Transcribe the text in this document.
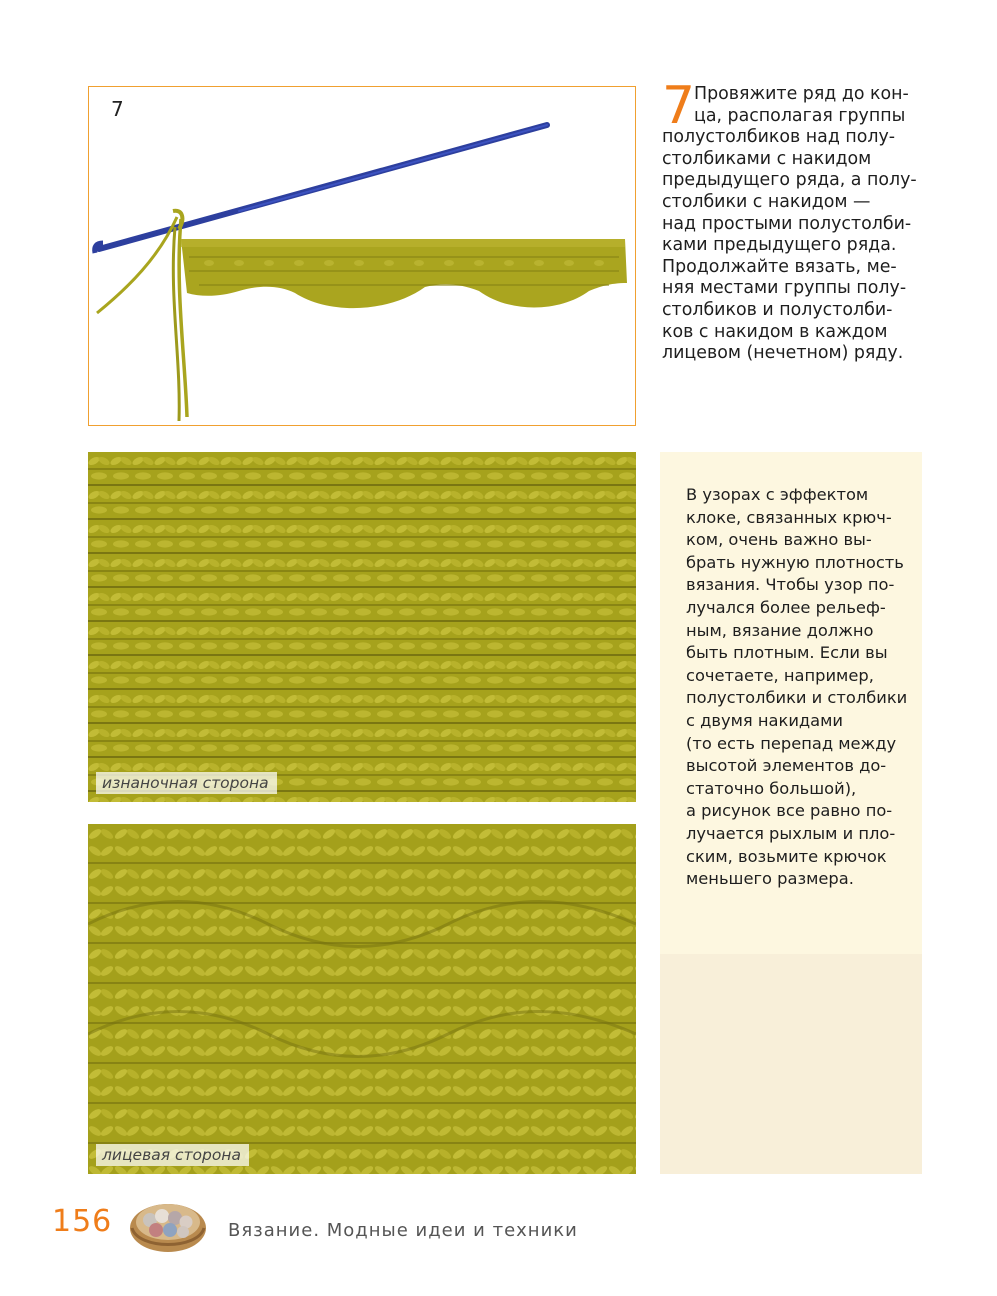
7	7
Провяжите ряд до кон-
ца, располагая группы
полустолбиков над полу-
столбиками с накидом
предыдущего ряда, а полу-
столбики с накидом —
над простыми полустолби-
ками предыдущего ряда.
Продолжайте вязать, ме-
няя местами группы полу-
столбиков и полустолби-
ков с накидом в каждом
лицевом (нечетном) ряду.
изнаночная сторона
лицевая сторона
В узорах с эффектом
клоке, связанных крюч-
ком, очень важно вы-
брать нужную плотность
вязания. Чтобы узор по-
лучался более рельеф-
ным, вязание должно
быть плотным. Если вы
сочетаете, например,
полустолбики и столбики
с двумя накидами
(то есть перепад между
высотой элементов до-
статочно большой),
а рисунок все равно по-
лучается рыхлым и пло-
ским, возьмите крючок
меньшего размера.
156	Вязание. Модные идеи и техники
